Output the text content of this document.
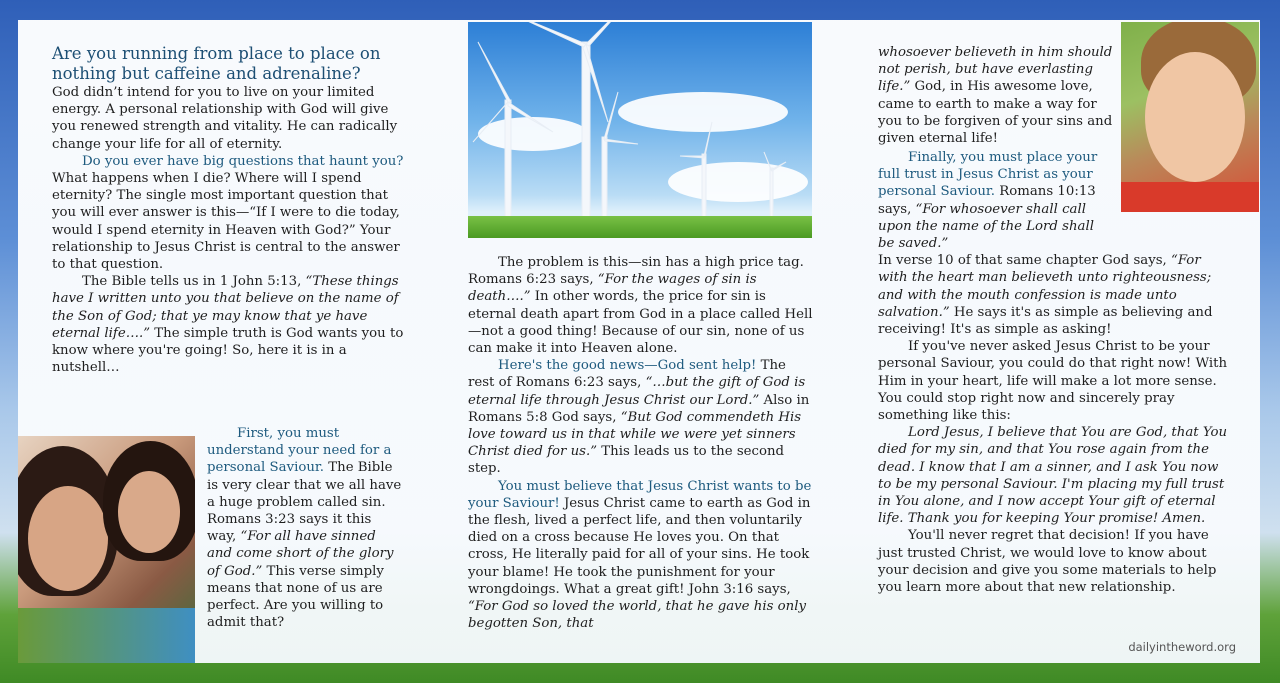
Are you running from place to place on nothing but caffeine and adrenaline?

God didn’t intend for you to live on your limited energy. A personal relationship with God will give you renewed strength and vitality. He can radically change your life for all of eternity.

Do you ever have big questions that haunt you? What happens when I die? Where will I spend eternity? The single most important question that you will ever answer is this—“If I were to die today, would I spend eternity in Heaven with God?” Your relationship to Jesus Christ is central to the answer to that question.

The Bible tells us in 1 John 5:13, “These things have I written unto you that believe on the name of the Son of God; that ye may know that ye have eternal life….” The simple truth is God wants you to know where you're going! So, here it is in a nutshell…

First, you must understand your need for a personal Saviour. The Bible is very clear that we all have a huge problem called sin. Romans 3:23 says it this way, “For all have sinned and come short of the glory of God.” This verse simply means that none of us are perfect. Are you willing to admit that?

The problem is this—sin has a high price tag. Romans 6:23 says, “For the wages of sin is death….” In other words, the price for sin is eternal death apart from God in a place called Hell—not a good thing! Because of our sin, none of us can make it into Heaven alone.

Here's the good news—God sent help! The rest of Romans 6:23 says, “…but the gift of God is eternal life through Jesus Christ our Lord.” Also in Romans 5:8 God says, “But God commendeth His love toward us in that while we were yet sinners Christ died for us.” This leads us to the second step.

You must believe that Jesus Christ wants to be your Saviour! Jesus Christ came to earth as God in the flesh, lived a perfect life, and then voluntarily died on a cross because He loves you. On that cross, He literally paid for all of your sins. He took your blame! He took the punishment for your wrongdoings. What a great gift! John 3:16 says, “For God so loved the world, that he gave his only begotten Son, that

whosoever believeth in him should not perish, but have everlasting life.” God, in His awesome love, came to earth to make a way for you to be forgiven of your sins and given eternal life!

Finally, you must place your full trust in Jesus Christ as your personal Saviour. Romans 10:13 says, “For whosoever shall call upon the name of the Lord shall be saved.”

In verse 10 of that same chapter God says, “For with the heart man believeth unto righteousness; and with the mouth confession is made unto salvation.” He says it's as simple as believing and receiving! It's as simple as asking!

If you've never asked Jesus Christ to be your personal Saviour, you could do that right now! With Him in your heart, life will make a lot more sense. You could stop right now and sincerely pray something like this:

Lord Jesus, I believe that You are God, that You died for my sin, and that You rose again from the dead. I know that I am a sinner, and I ask You now to be my personal Saviour. I'm placing my full trust in You alone, and I now accept Your gift of eternal life. Thank you for keeping Your promise! Amen.

You'll never regret that decision! If you have just trusted Christ, we would love to know about your decision and give you some materials to help you learn more about that new relationship.

dailyintheword.org
